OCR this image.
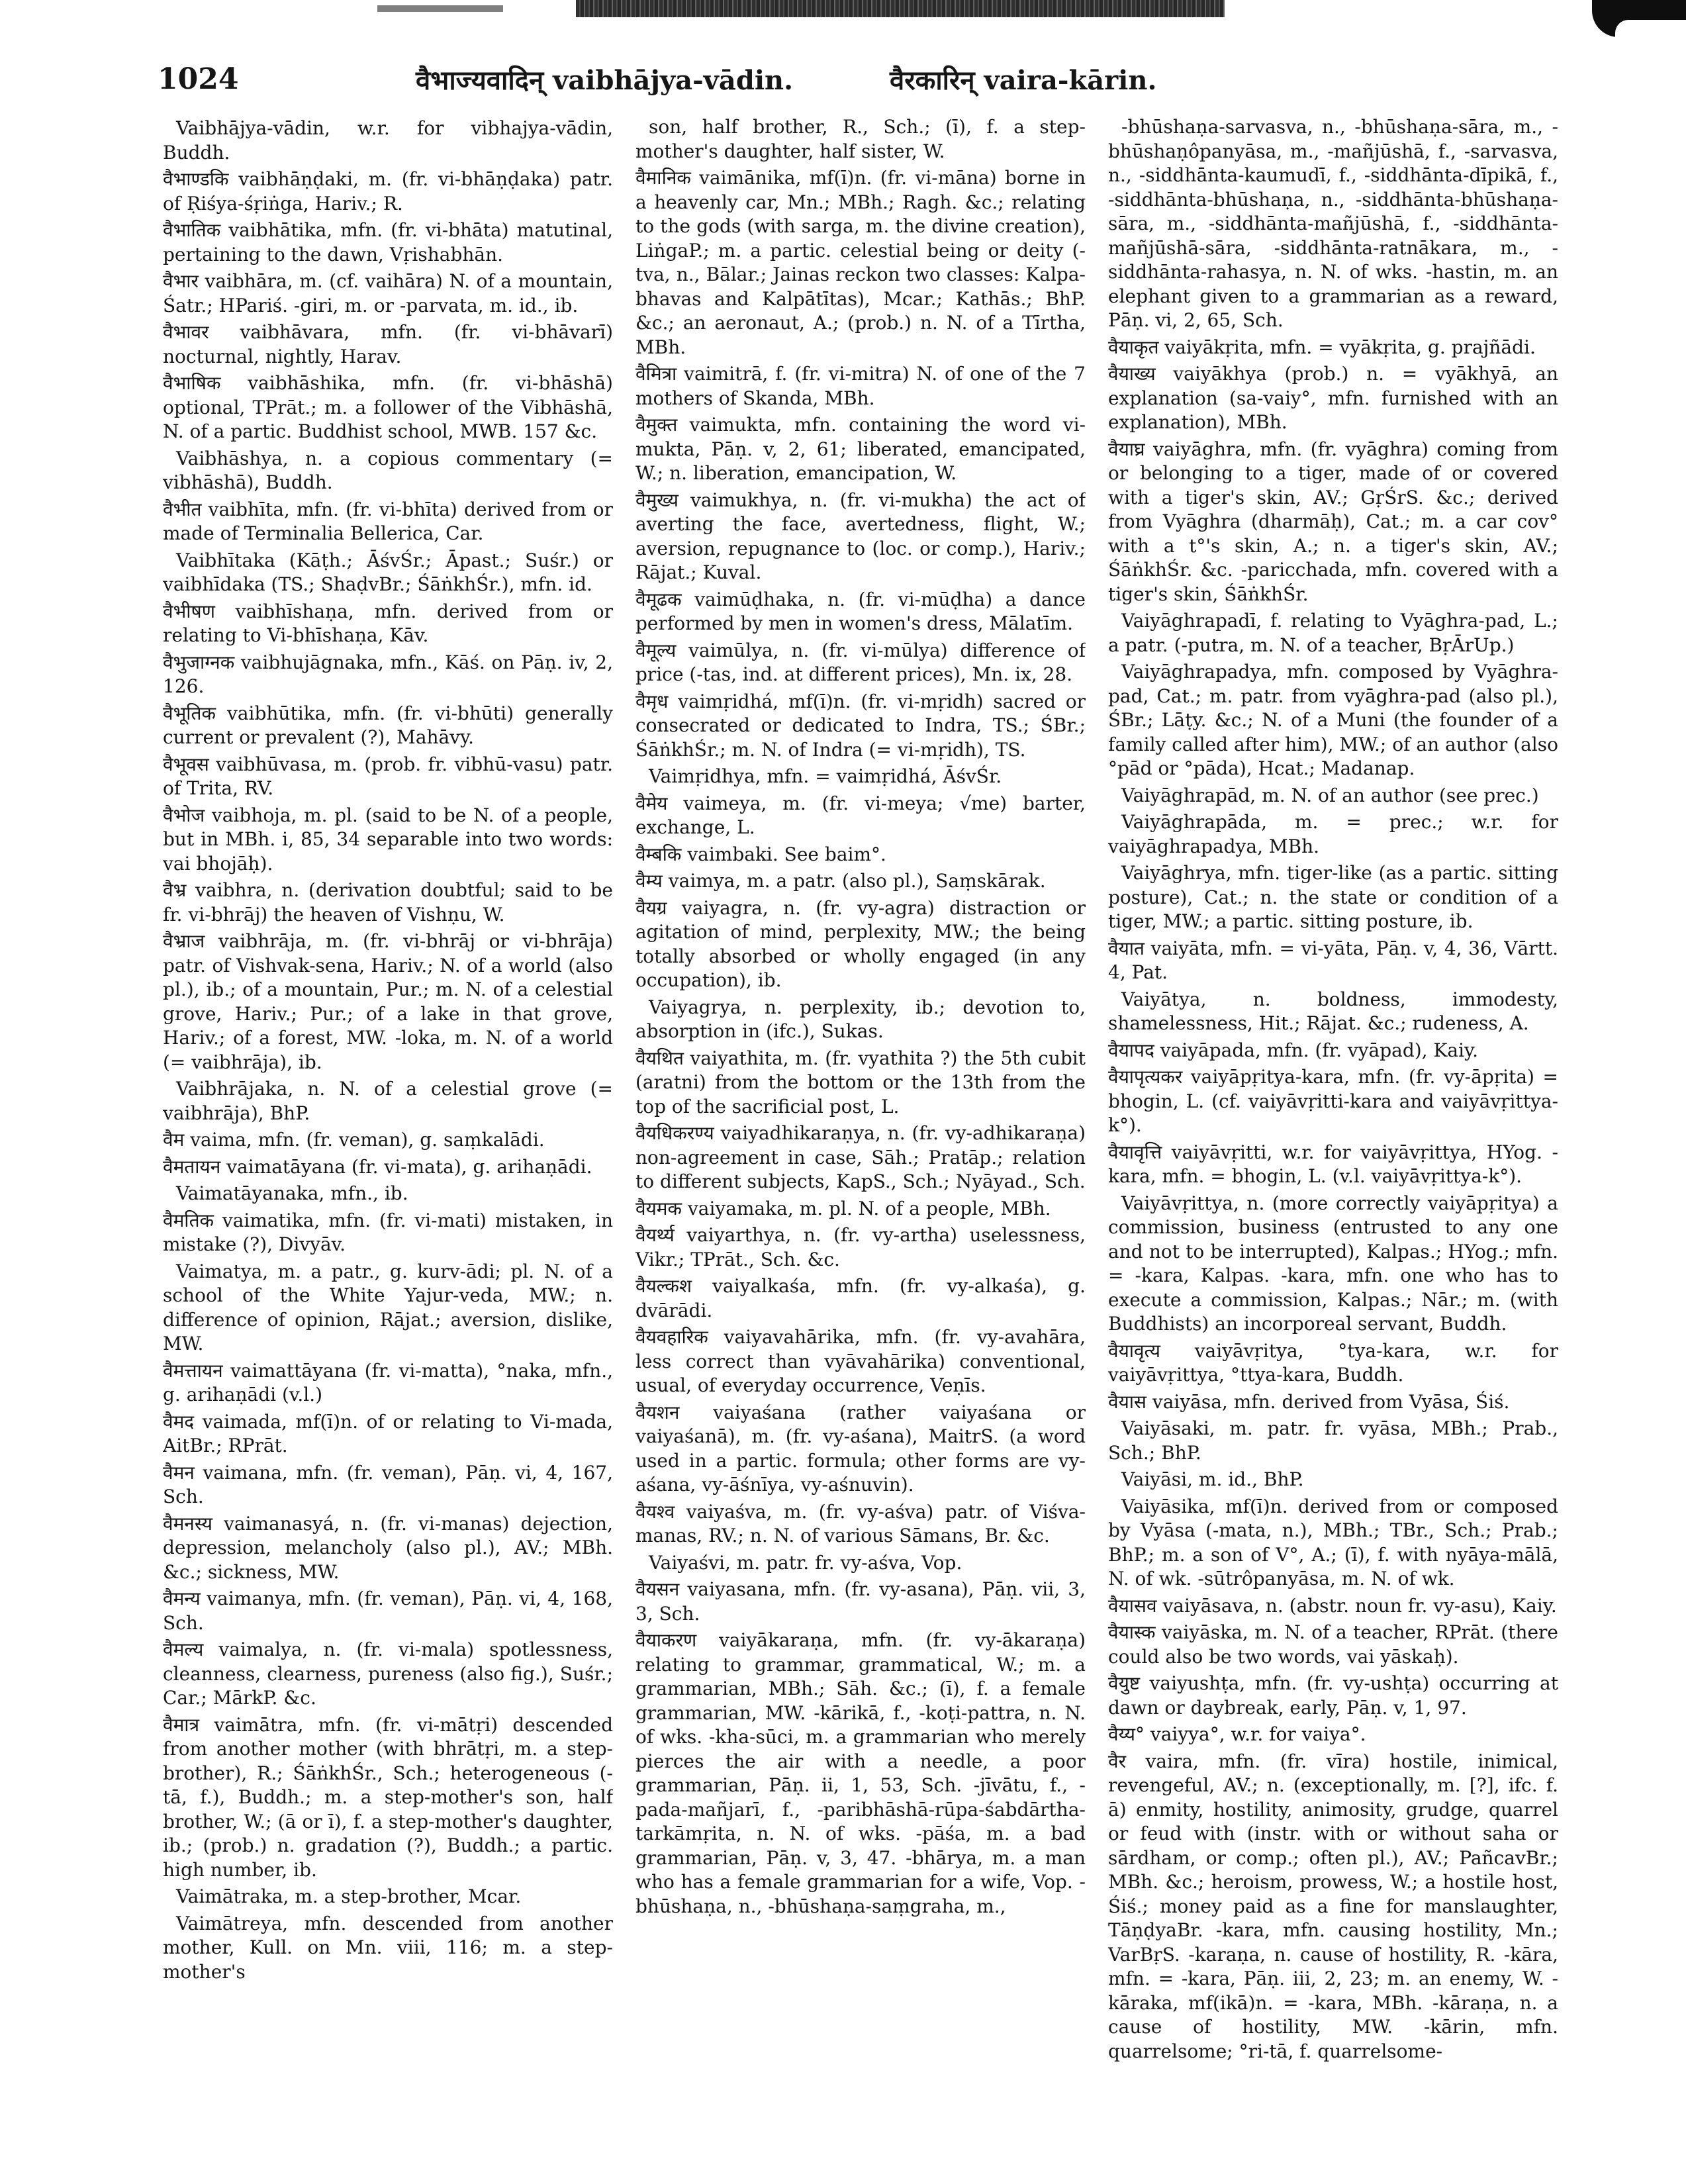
1024	वैभाज्यवादिन् vaibhājya-vādin.	वैरकारिन् vaira-kārin.

Vaibhājya-vādin, w.r. for vibhajya-vādin, Buddh.

वैभाण्डकि vaibhāṇḍaki, m. (fr. vi-bhāṇḍaka) patr. of Ṛiśya-śṛiṅga, Hariv.; R.

वैभातिक vaibhātika, mfn. (fr. vi-bhāta) matutinal, pertaining to the dawn, Vṛishabhān.

वैभार vaibhāra, m. (cf. vaihāra) N. of a mountain, Śatr.; HPariś. -giri, m. or -parvata, m. id., ib.

वैभावर vaibhāvara, mfn. (fr. vi-bhāvarī) nocturnal, nightly, Harav.

वैभाषिक vaibhāshika, mfn. (fr. vi-bhāshā) optional, TPrāt.; m. a follower of the Vibhāshā, N. of a partic. Buddhist school, MWB. 157 &c.

Vaibhāshya, n. a copious commentary (= vibhāshā), Buddh.

वैभीत vaibhīta, mfn. (fr. vi-bhīta) derived from or made of Terminalia Bellerica, Car.

Vaibhītaka (Kāṭh.; ĀśvŚr.; Āpast.; Suśr.) or vaibhīdaka (TS.; ShaḍvBr.; ŚāṅkhŚr.), mfn. id.

वैभीषण vaibhīshaṇa, mfn. derived from or relating to Vi-bhīshaṇa, Kāv.

वैभुजाग्नक vaibhujāgnaka, mfn., Kāś. on Pāṇ. iv, 2, 126.

वैभूतिक vaibhūtika, mfn. (fr. vi-bhūti) generally current or prevalent (?), Mahāvy.

वैभूवस vaibhūvasa, m. (prob. fr. vibhū-vasu) patr. of Trita, RV.

वैभोज vaibhoja, m. pl. (said to be N. of a people, but in MBh. i, 85, 34 separable into two words: vai bhojāḥ).

वैभ्र vaibhra, n. (derivation doubtful; said to be fr. vi-bhrāj) the heaven of Vishṇu, W.

वैभ्राज vaibhrāja, m. (fr. vi-bhrāj or vi-bhrāja) patr. of Vishvak-sena, Hariv.; N. of a world (also pl.), ib.; of a mountain, Pur.; m. N. of a celestial grove, Hariv.; Pur.; of a lake in that grove, Hariv.; of a forest, MW. -loka, m. N. of a world (= vaibhrāja), ib.

Vaibhrājaka, n. N. of a celestial grove (= vaibhrāja), BhP.

वैम vaima, mfn. (fr. veman), g. saṃkalādi.

वैमतायन vaimatāyana (fr. vi-mata), g. arihaṇādi.

Vaimatāyanaka, mfn., ib.

वैमतिक vaimatika, mfn. (fr. vi-mati) mistaken, in mistake (?), Divyāv.

Vaimatya, m. a patr., g. kurv-ādi; pl. N. of a school of the White Yajur-veda, MW.; n. difference of opinion, Rājat.; aversion, dislike, MW.

वैमत्तायन vaimattāyana (fr. vi-matta), °naka, mfn., g. arihaṇādi (v.l.)

वैमद vaimada, mf(ī)n. of or relating to Vi-mada, AitBr.; RPrāt.

वैमन vaimana, mfn. (fr. veman), Pāṇ. vi, 4, 167, Sch.

वैमनस्य vaimanasyá, n. (fr. vi-manas) dejection, depression, melancholy (also pl.), AV.; MBh. &c.; sickness, MW.

वैमन्य vaimanya, mfn. (fr. veman), Pāṇ. vi, 4, 168, Sch.

वैमल्य vaimalya, n. (fr. vi-mala) spotlessness, cleanness, clearness, pureness (also fig.), Suśr.; Car.; MārkP. &c.

वैमात्र vaimātra, mfn. (fr. vi-mātṛi) descended from another mother (with bhrātṛi, m. a step-brother), R.; ŚāṅkhŚr., Sch.; heterogeneous (-tā, f.), Buddh.; m. a step-mother's son, half brother, W.; (ā or ī), f. a step-mother's daughter, ib.; (prob.) n. gradation (?), Buddh.; a partic. high number, ib.

Vaimātraka, m. a step-brother, Mcar.

Vaimātreya, mfn. descended from another mother, Kull. on Mn. viii, 116; m. a step-mother's

son, half brother, R., Sch.; (ī), f. a step-mother's daughter, half sister, W.

वैमानिक vaimānika, mf(ī)n. (fr. vi-māna) borne in a heavenly car, Mn.; MBh.; Ragh. &c.; relating to the gods (with sarga, m. the divine creation), LiṅgaP.; m. a partic. celestial being or deity (-tva, n., Bālar.; Jainas reckon two classes: Kalpa-bhavas and Kalpātītas), Mcar.; Kathās.; BhP. &c.; an aeronaut, A.; (prob.) n. N. of a Tīrtha, MBh.

वैमित्रा vaimitrā, f. (fr. vi-mitra) N. of one of the 7 mothers of Skanda, MBh.

वैमुक्त vaimukta, mfn. containing the word vi-mukta, Pāṇ. v, 2, 61; liberated, emancipated, W.; n. liberation, emancipation, W.

वैमुख्य vaimukhya, n. (fr. vi-mukha) the act of averting the face, avertedness, flight, W.; aversion, repugnance to (loc. or comp.), Hariv.; Rājat.; Kuval.

वैमूढक vaimūḍhaka, n. (fr. vi-mūḍha) a dance performed by men in women's dress, Mālatīm.

वैमूल्य vaimūlya, n. (fr. vi-mūlya) difference of price (-tas, ind. at different prices), Mn. ix, 28.

वैमृध vaimṛidhá, mf(ī)n. (fr. vi-mṛidh) sacred or consecrated or dedicated to Indra, TS.; ŚBr.; ŚāṅkhŚr.; m. N. of Indra (= vi-mṛidh), TS.

Vaimṛidhya, mfn. = vaimṛidhá, ĀśvŚr.

वैमेय vaimeya, m. (fr. vi-meya; √me) barter, exchange, L.

वैम्बकि vaimbaki. See baim°.

वैम्य vaimya, m. a patr. (also pl.), Saṃskārak.

वैयग्र vaiyagra, n. (fr. vy-agra) distraction or agitation of mind, perplexity, MW.; the being totally absorbed or wholly engaged (in any occupation), ib.

Vaiyagrya, n. perplexity, ib.; devotion to, absorption in (ifc.), Sukas.

वैयथित vaiyathita, m. (fr. vyathita ?) the 5th cubit (aratni) from the bottom or the 13th from the top of the sacrificial post, L.

वैयधिकरण्य vaiyadhikaraṇya, n. (fr. vy-adhikaraṇa) non-agreement in case, Sāh.; Pratāp.; relation to different subjects, KapS., Sch.; Nyāyad., Sch.

वैयमक vaiyamaka, m. pl. N. of a people, MBh.

वैयर्थ्य vaiyarthya, n. (fr. vy-artha) uselessness, Vikr.; TPrāt., Sch. &c.

वैयल्कश vaiyalkaśa, mfn. (fr. vy-alkaśa), g. dvārādi.

वैयवहारिक vaiyavahārika, mfn. (fr. vy-avahāra, less correct than vyāvahārika) conventional, usual, of everyday occurrence, Veṇīs.

वैयशन vaiyaśana (rather vaiyaśana or vaiyaśanā), m. (fr. vy-aśana), MaitrS. (a word used in a partic. formula; other forms are vy-aśana, vy-āśnīya, vy-aśnuvin).

वैयश्व vaiyaśva, m. (fr. vy-aśva) patr. of Viśva-manas, RV.; n. N. of various Sāmans, Br. &c.

Vaiyaśvi, m. patr. fr. vy-aśva, Vop.

वैयसन vaiyasana, mfn. (fr. vy-asana), Pāṇ. vii, 3, 3, Sch.

वैयाकरण vaiyākaraṇa, mfn. (fr. vy-ākaraṇa) relating to grammar, grammatical, W.; m. a grammarian, MBh.; Sāh. &c.; (ī), f. a female grammarian, MW. -kārikā, f., -koṭi-pattra, n. N. of wks. -kha-sūci, m. a grammarian who merely pierces the air with a needle, a poor grammarian, Pāṇ. ii, 1, 53, Sch. -jīvātu, f., -pada-mañjarī, f., -paribhāshā-rūpa-śabdārtha-tarkāmṛita, n. N. of wks. -pāśa, m. a bad grammarian, Pāṇ. v, 3, 47. -bhārya, m. a man who has a female grammarian for a wife, Vop. -bhūshaṇa, n., -bhūshaṇa-saṃgraha, m.,

-bhūshaṇa-sarvasva, n., -bhūshaṇa-sāra, m., -bhūshaṇôpanyāsa, m., -mañjūshā, f., -sarvasva, n., -siddhānta-kaumudī, f., -siddhānta-dīpikā, f., -siddhānta-bhūshaṇa, n., -siddhānta-bhūshaṇa-sāra, m., -siddhānta-mañjūshā, f., -siddhānta-mañjūshā-sāra, -siddhānta-ratnākara, m., -siddhānta-rahasya, n. N. of wks. -hastin, m. an elephant given to a grammarian as a reward, Pāṇ. vi, 2, 65, Sch.

वैयाकृत vaiyākṛita, mfn. = vyākṛita, g. prajñādi.

वैयाख्य vaiyākhya (prob.) n. = vyākhyā, an explanation (sa-vaiy°, mfn. furnished with an explanation), MBh.

वैयाघ्र vaiyāghra, mfn. (fr. vyāghra) coming from or belonging to a tiger, made of or covered with a tiger's skin, AV.; GṛŚrS. &c.; derived from Vyāghra (dharmāḥ), Cat.; m. a car cov° with a t°'s skin, A.; n. a tiger's skin, AV.; ŚāṅkhŚr. &c. -paricchada, mfn. covered with a tiger's skin, ŚāṅkhŚr.

Vaiyāghrapadī, f. relating to Vyāghra-pad, L.; a patr. (-putra, m. N. of a teacher, BṛĀrUp.)

Vaiyāghrapadya, mfn. composed by Vyāghra-pad, Cat.; m. patr. from vyāghra-pad (also pl.), ŚBr.; Lāṭy. &c.; N. of a Muni (the founder of a family called after him), MW.; of an author (also °pād or °pāda), Hcat.; Madanap.

Vaiyāghrapād, m. N. of an author (see prec.)

Vaiyāghrapāda, m. = prec.; w.r. for vaiyāghrapadya, MBh.

Vaiyāghrya, mfn. tiger-like (as a partic. sitting posture), Cat.; n. the state or condition of a tiger, MW.; a partic. sitting posture, ib.

वैयात vaiyāta, mfn. = vi-yāta, Pāṇ. v, 4, 36, Vārtt. 4, Pat.

Vaiyātya, n. boldness, immodesty, shamelessness, Hit.; Rājat. &c.; rudeness, A.

वैयापद vaiyāpada, mfn. (fr. vyāpad), Kaiy.

वैयापृत्यकर vaiyāpṛitya-kara, mfn. (fr. vy-āpṛita) = bhogin, L. (cf. vaiyāvṛitti-kara and vaiyāvṛittya-k°).

वैयावृत्ति vaiyāvṛitti, w.r. for vaiyāvṛittya, HYog. -kara, mfn. = bhogin, L. (v.l. vaiyāvṛittya-k°).

Vaiyāvṛittya, n. (more correctly vaiyāpṛitya) a commission, business (entrusted to any one and not to be interrupted), Kalpas.; HYog.; mfn. = -kara, Kalpas. -kara, mfn. one who has to execute a commission, Kalpas.; Nār.; m. (with Buddhists) an incorporeal servant, Buddh.

वैयावृत्य vaiyāvṛitya, °tya-kara, w.r. for vaiyāvṛittya, °ttya-kara, Buddh.

वैयास vaiyāsa, mfn. derived from Vyāsa, Śiś.

Vaiyāsaki, m. patr. fr. vyāsa, MBh.; Prab., Sch.; BhP.

Vaiyāsi, m. id., BhP.

Vaiyāsika, mf(ī)n. derived from or composed by Vyāsa (-mata, n.), MBh.; TBr., Sch.; Prab.; BhP.; m. a son of V°, A.; (ī), f. with nyāya-mālā, N. of wk. -sūtrôpanyāsa, m. N. of wk.

वैयासव vaiyāsava, n. (abstr. noun fr. vy-asu), Kaiy.

वैयास्क vaiyāska, m. N. of a teacher, RPrāt. (there could also be two words, vai yāskaḥ).

वैयुष्ट vaiyushṭa, mfn. (fr. vy-ushṭa) occurring at dawn or daybreak, early, Pāṇ. v, 1, 97.

वैय्य° vaiyya°, w.r. for vaiya°.

वैर vaira, mfn. (fr. vīra) hostile, inimical, revengeful, AV.; n. (exceptionally, m. [?], ifc. f. ā) enmity, hostility, animosity, grudge, quarrel or feud with (instr. with or without saha or sārdham, or comp.; often pl.), AV.; PañcavBr.; MBh. &c.; heroism, prowess, W.; a hostile host, Śiś.; money paid as a fine for manslaughter, TāṇḍyaBr. -kara, mfn. causing hostility, Mn.; VarBṛS. -karaṇa, n. cause of hostility, R. -kāra, mfn. = -kara, Pāṇ. iii, 2, 23; m. an enemy, W. -kāraka, mf(ikā)n. = -kara, MBh. -kāraṇa, n. a cause of hostility, MW. -kārin, mfn. quarrelsome; °ri-tā, f. quarrelsome-
